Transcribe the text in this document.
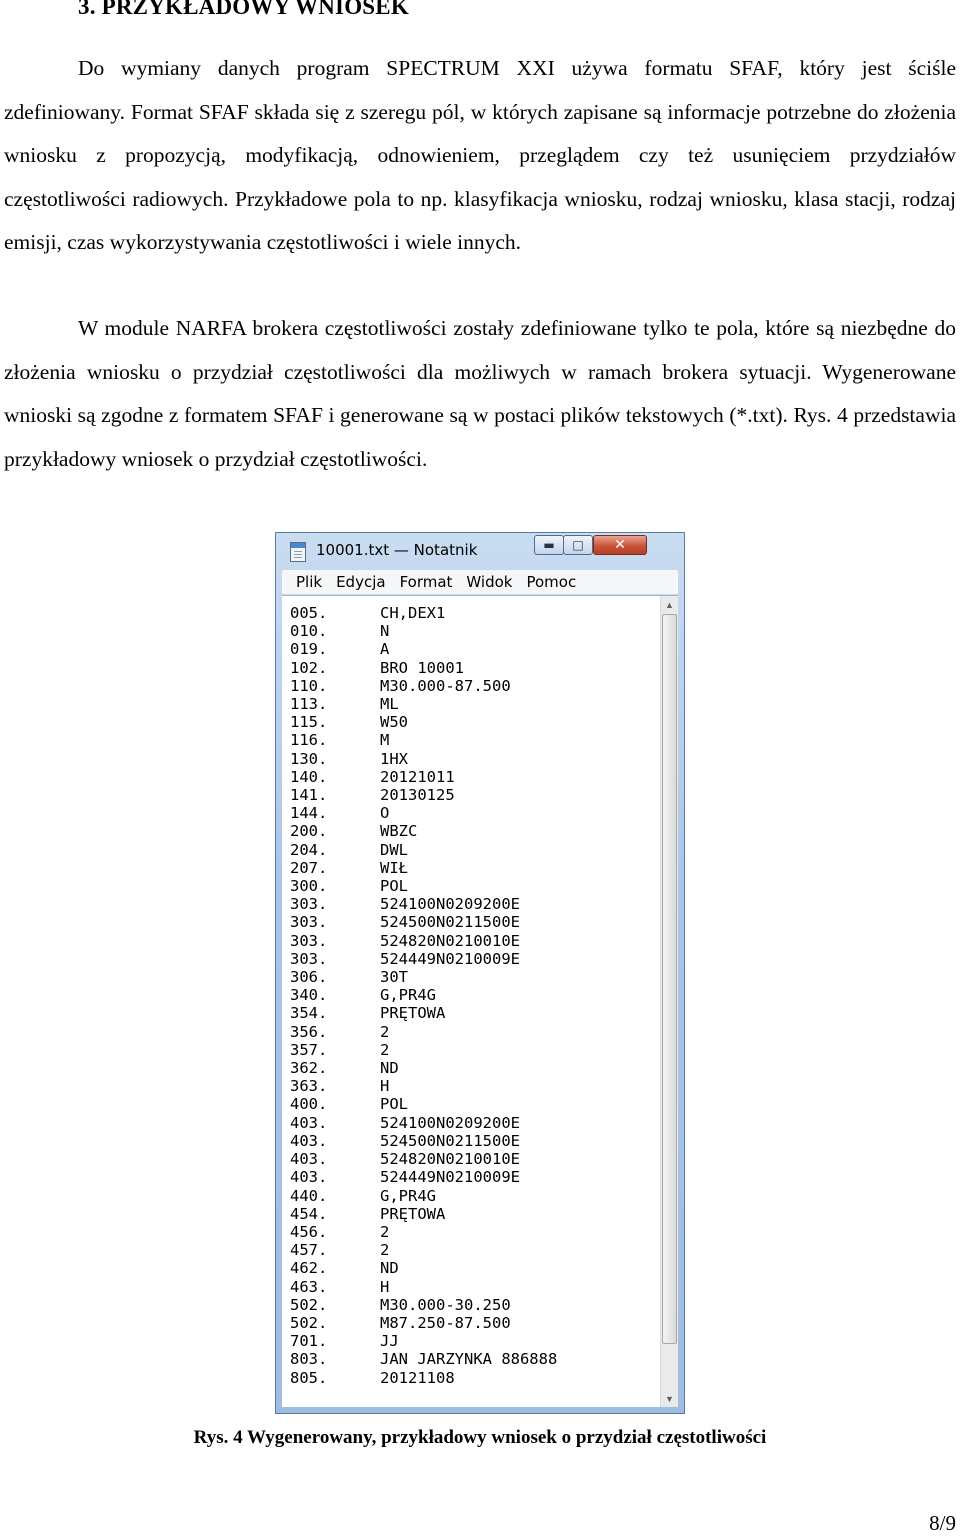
3. PRZYKŁADOWY WNIOSEK
Do wymiany danych program SPECTRUM XXI używa formatu SFAF, który jest ściśle zdefiniowany. Format SFAF składa się z szeregu pól, w których zapisane są informacje potrzebne do złożenia wniosku z propozycją, modyfikacją, odnowieniem, przeglądem czy też usunięciem przydziałów częstotliwości radiowych. Przykładowe pola to np. klasyfikacja wniosku, rodzaj wniosku, klasa stacji, rodzaj emisji, czas wykorzystywania częstotliwości i wiele innych.
W module NARFA brokera częstotliwości zostały zdefiniowane tylko te pola, które są niezbędne do złożenia wniosku o przydział częstotliwości dla możliwych w ramach brokera sytuacji. Wygenerowane wnioski są zgodne z formatem SFAF i generowane są w postaci plików tekstowych (*.txt). Rys. 4 przedstawia przykładowy wniosek o przydział częstotliwości.
10001.txt — Notatnik	▬ □ ✕
Plik Edycja Format Widok Pomoc
005.	CH,DEX1
010.	N
019.	A
102.	BRO 10001
110.	M30.000-87.500
113.	ML
115.	W50
116.	M
130.	1HX
140.	20121011
141.	20130125
144.	O
200.	WBZC
204.	DWL
207.	WIŁ
300.	POL
303.	524100N0209200E
303.	524500N0211500E
303.	524820N0210010E
303.	524449N0210009E
306.	30T
340.	G,PR4G
354.	PRĘTOWA
356.	2
357.	2
362.	ND
363.	H
400.	POL
403.	524100N0209200E
403.	524500N0211500E
403.	524820N0210010E
403.	524449N0210009E
440.	G,PR4G
454.	PRĘTOWA
456.	2
457.	2
462.	ND
463.	H
502.	M30.000-30.250
502.	M87.250-87.500
701.	JJ
803.	JAN JARZYNKA 886888
805.	20121108
▲
▼
Rys. 4 Wygenerowany, przykładowy wniosek o przydział częstotliwości
8/9
